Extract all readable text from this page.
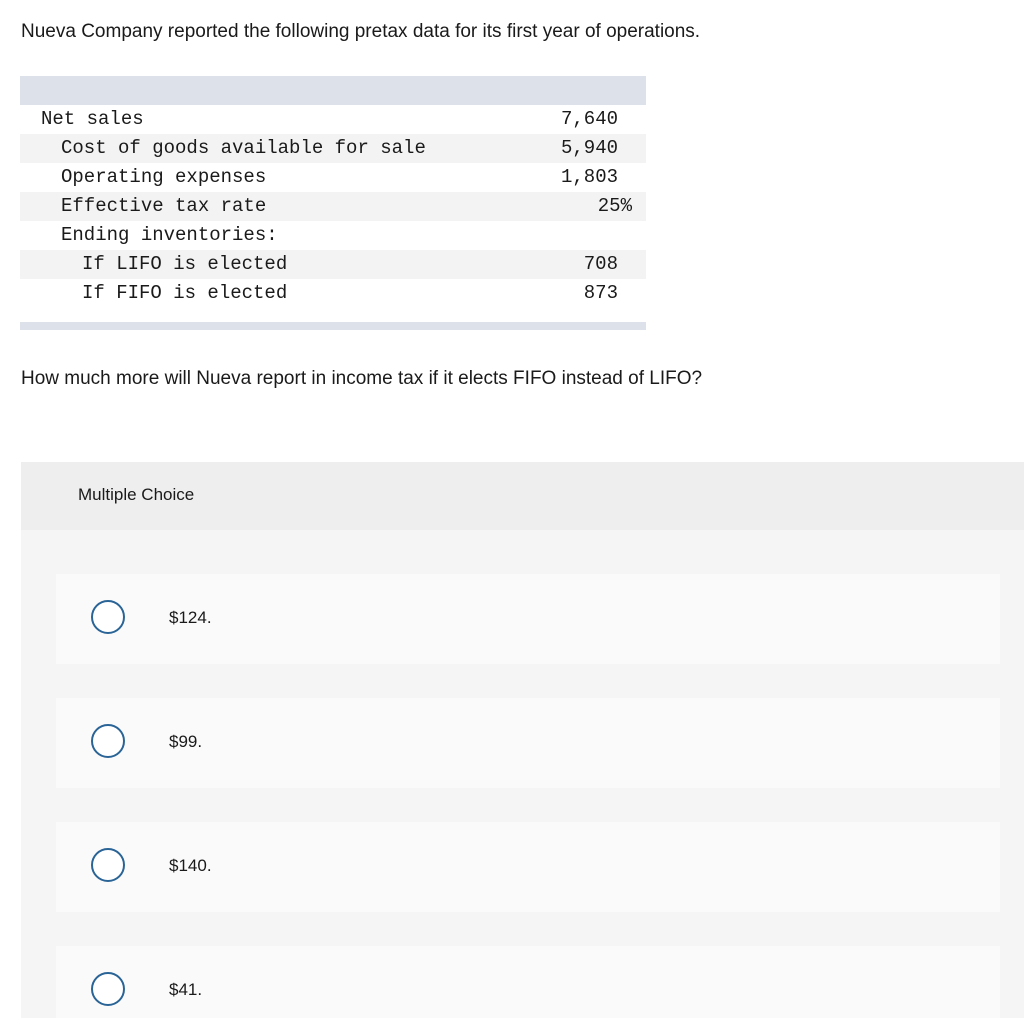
Nueva Company reported the following pretax data for its first year of operations.

Net sales	7,640
Cost of goods available for sale	5,940
Operating expenses	1,803
Effective tax rate	25%
Ending inventories:
If LIFO is elected	708
If FIFO is elected	873

How much more will Nueva report in income tax if it elects FIFO instead of LIFO?

Multiple Choice
$124.
$99.
$140.
$41.
